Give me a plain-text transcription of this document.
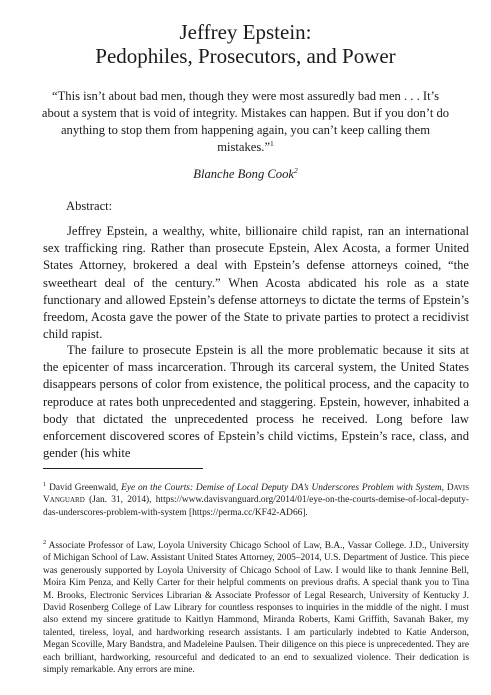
Jeffrey Epstein:
Pedophiles, Prosecutors, and Power

“This isn’t about bad men, though they were most assuredly bad men . . . It’s about a system that is void of integrity. Mistakes can happen. But if you don’t do anything to stop them from happening again, you can’t keep calling them mistakes.”$^1$

Blanche Bong Cook$^2$

Abstract:

Jeffrey Epstein, a wealthy, white, billionaire child rapist, ran an international sex trafficking ring. Rather than prosecute Epstein, Alex Acosta, a former United States Attorney, brokered a deal with Epstein’s defense attorneys coined, “the sweetheart deal of the century.” When Acosta abdicated his role as a state functionary and allowed Epstein’s defense attorneys to dictate the terms of Epstein’s freedom, Acosta gave the power of the State to private parties to protect a recidivist child rapist.

The failure to prosecute Epstein is all the more problematic because it sits at the epicenter of mass incarceration. Through its carceral system, the United States disappears persons of color from existence, the political process, and the capacity to reproduce at rates both unprecedented and staggering. Epstein, however, inhabited a body that dictated the unprecedented process he received. Long before law enforcement discovered scores of Epstein’s child victims, Epstein’s race, class, and gender (his white

$^1$ David Greenwald, Eye on the Courts: Demise of Local Deputy DA’s Underscores Problem with System, Davis Vanguard (Jan. 31, 2014), https://www.davisvanguard.org/2014/01/eye-on-the-courts-demise-of-local-deputy-das-underscores-problem-with-system [https://perma.cc/KF42-AD66].

$^2$ Associate Professor of Law, Loyola University Chicago School of Law, B.A., Vassar College. J.D., University of Michigan School of Law. Assistant United States Attorney, 2005–2014, U.S. Department of Justice. This piece was generously supported by Loyola University of Chicago School of Law. I would like to thank Jennine Bell, Moira Kim Penza, and Kelly Carter for their helpful comments on previous drafts. A special thank you to Tina M. Brooks, Electronic Services Librarian & Associate Professor of Legal Research, University of Kentucky J. David Rosenberg College of Law Library for countless responses to inquiries in the middle of the night. I must also extend my sincere gratitude to Kaitlyn Hammond, Miranda Roberts, Kami Griffith, Savanah Baker, my talented, tireless, loyal, and hardworking research assistants. I am particularly indebted to Katie Anderson, Megan Scoville, Mary Bandstra, and Madeleine Paulsen. Their diligence on this piece is unprecedented. They are each brilliant, hardworking, resourceful and dedicated to an end to sexualized violence. Their dedication is simply remarkable. Any errors are mine.
